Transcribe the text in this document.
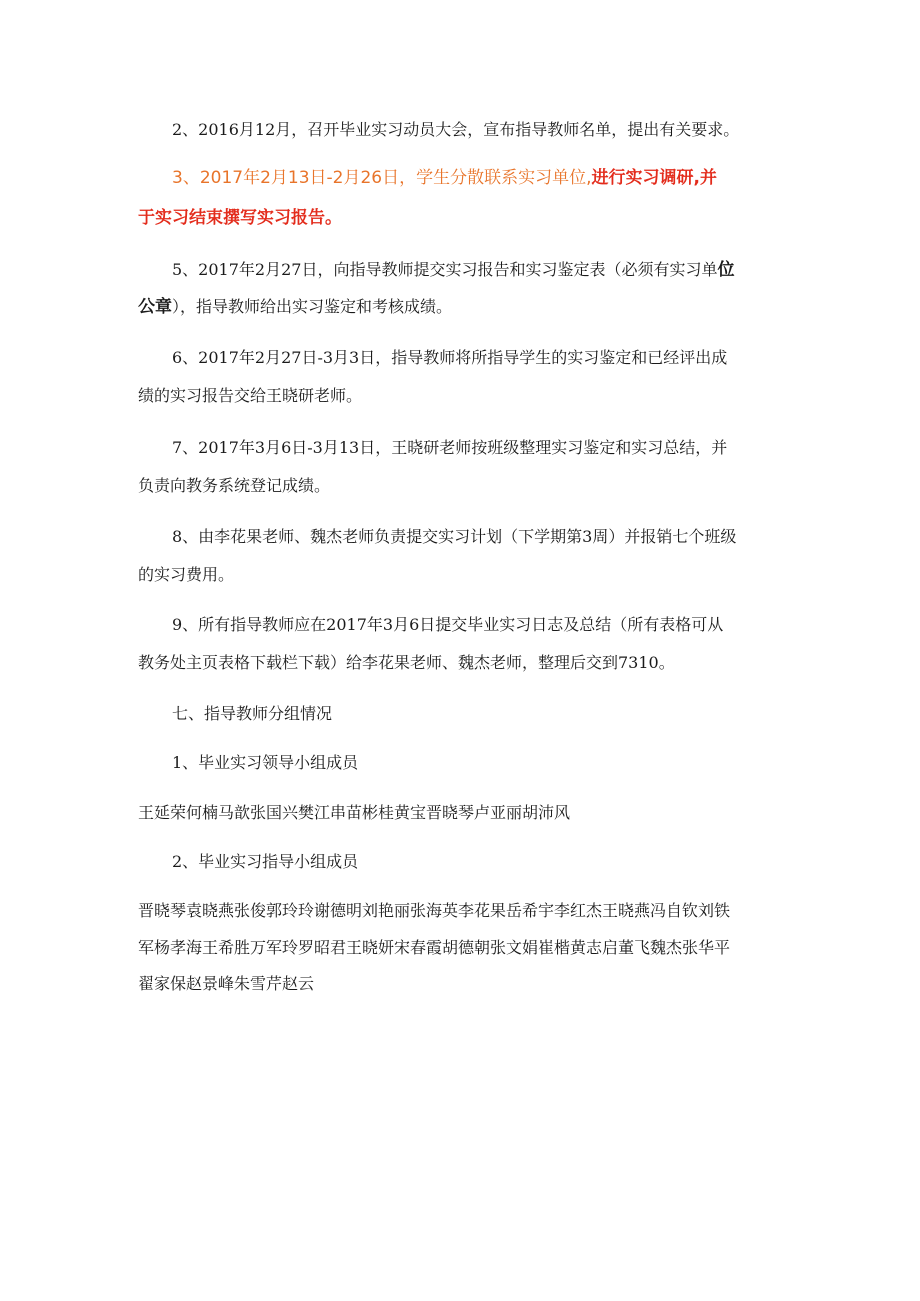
2、2016月12月，召开毕业实习动员大会，宣布指导教师名单，提出有关要求。
3、2017年2月13日-2月26日，学生分散联系实习单位,进行实习调研,并
于实习结束撰写实习报告。
5、2017年2月27日，向指导教师提交实习报告和实习鉴定表（必须有实习单位
公章），指导教师给出实习鉴定和考核成绩。
6、2017年2月27日-3月3日，指导教师将所指导学生的实习鉴定和已经评出成
绩的实习报告交给王晓研老师。
7、2017年3月6日-3月13日，王晓研老师按班级整理实习鉴定和实习总结，并
负责向教务系统登记成绩。
8、由李花果老师、魏杰老师负责提交实习计划（下学期第3周）并报销七个班级
的实习费用。
9、所有指导教师应在2017年3月6日提交毕业实习日志及总结（所有表格可从
教务处主页表格下载栏下载）给李花果老师、魏杰老师，整理后交到7310。
七、指导教师分组情况
1、毕业实习领导小组成员
王延荣何楠马歆张国兴樊江串苗彬桂黄宝晋晓琴卢亚丽胡沛风
2、毕业实习指导小组成员
晋晓琴袁晓燕张俊郭玲玲谢德明刘艳丽张海英李花果岳希宇李红杰王晓燕冯自钦刘铁
军杨孝海王希胜万军玲罗昭君王晓妍宋春霞胡德朝张文娟崔楷黄志启董飞魏杰张华平
翟家保赵景峰朱雪芹赵云
